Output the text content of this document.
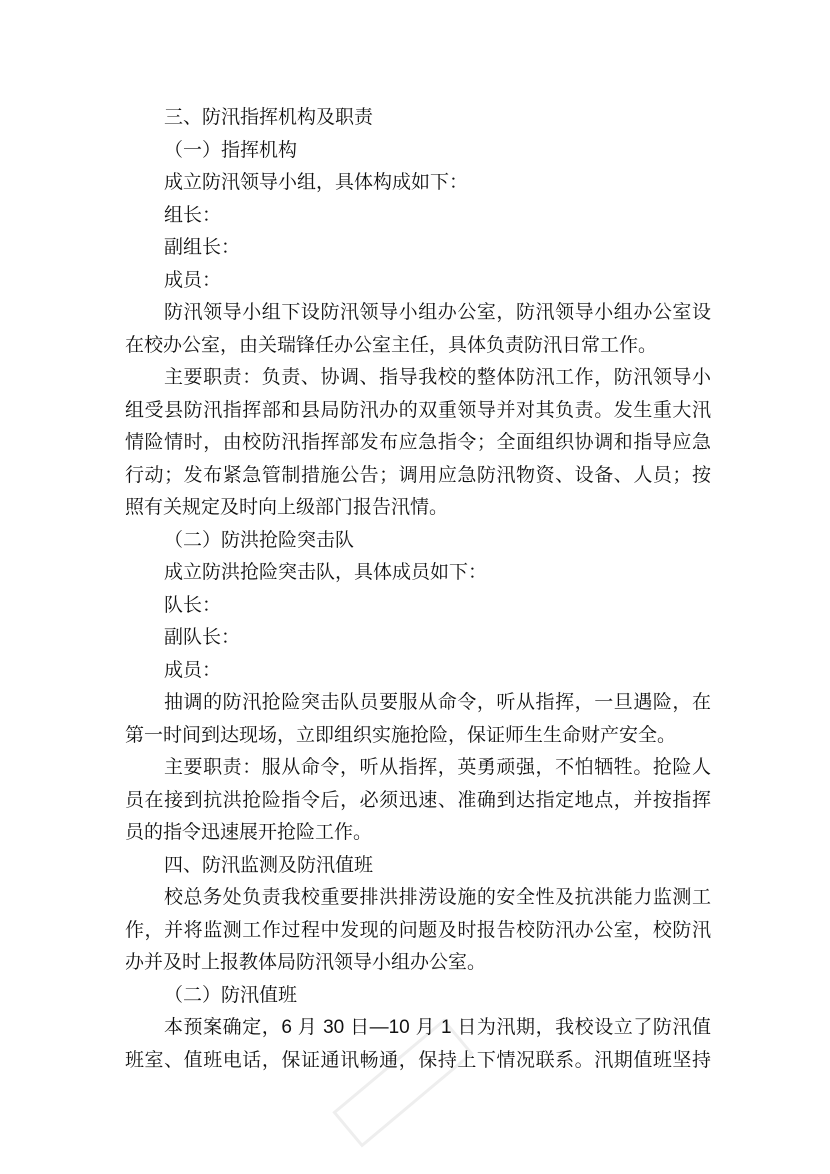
三、防汛指挥机构及职责
（一）指挥机构
成立防汛领导小组，具体构成如下：
组长：
副组长：
成员：
防汛领导小组下设防汛领导小组办公室，防汛领导小组办公室设
在校办公室，由关瑞锋任办公室主任，具体负责防汛日常工作。
主要职责：负责、协调、指导我校的整体防汛工作，防汛领导小
组受县防汛指挥部和县局防汛办的双重领导并对其负责。发生重大汛
情险情时，由校防汛指挥部发布应急指令；全面组织协调和指导应急
行动；发布紧急管制措施公告；调用应急防汛物资、设备、人员；按
照有关规定及时向上级部门报告汛情。
（二）防洪抢险突击队
成立防洪抢险突击队，具体成员如下：
队长：
副队长：
成员：
抽调的防汛抢险突击队员要服从命令，听从指挥，一旦遇险，在
第一时间到达现场，立即组织实施抢险，保证师生生命财产安全。
主要职责：服从命令，听从指挥，英勇顽强，不怕牺牲。抢险人
员在接到抗洪抢险指令后，必须迅速、准确到达指定地点，并按指挥
员的指令迅速展开抢险工作。
四、防汛监测及防汛值班
校总务处负责我校重要排洪排涝设施的安全性及抗洪能力监测工
作，并将监测工作过程中发现的问题及时报告校防汛办公室，校防汛
办并及时上报教体局防汛领导小组办公室。
（二）防汛值班
本预案确定，6 月 30 日—10 月 1 日为汛期，我校设立了防汛值
班室、值班电话，保证通讯畅通，保持上下情况联系。汛期值班坚持
